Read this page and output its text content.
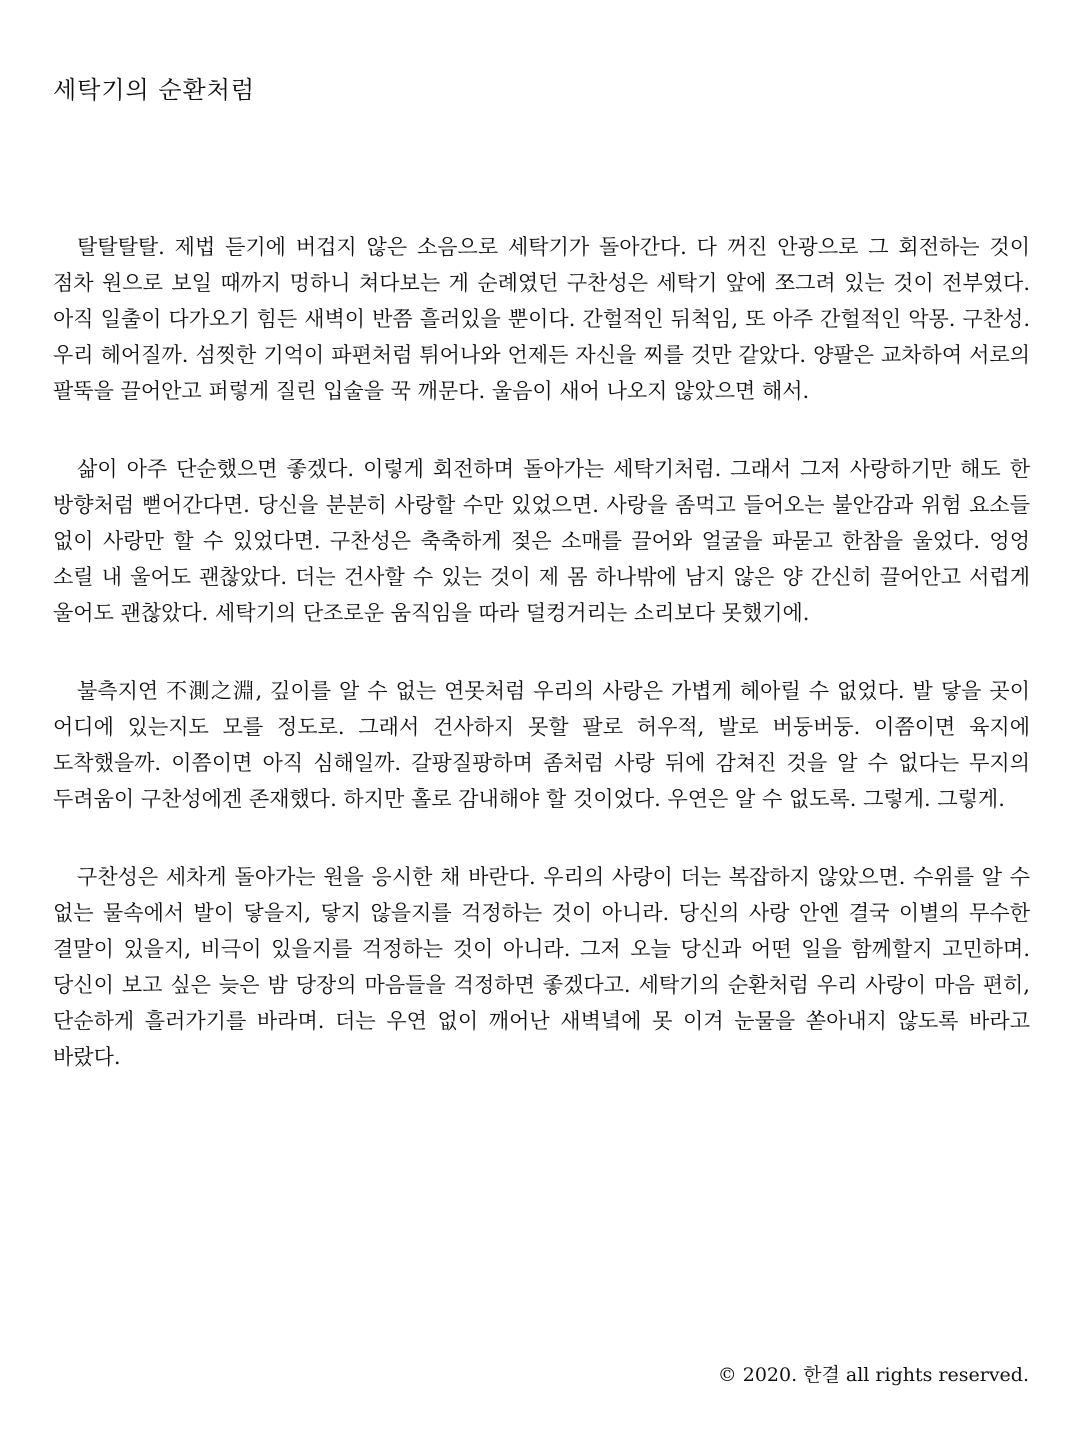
세탁기의 순환처럼

탈탈탈탈. 제법 듣기에 버겁지 않은 소음으로 세탁기가 돌아간다. 다 꺼진 안광으로 그 회전하는 것이 점차 원으로 보일 때까지 멍하니 쳐다보는 게 순례였던 구찬성은 세탁기 앞에 쪼그려 있는 것이 전부였다. 아직 일출이 다가오기 힘든 새벽이 반쯤 흘러있을 뿐이다. 간헐적인 뒤척임, 또 아주 간헐적인 악몽. 구찬성. 우리 헤어질까. 섬찟한 기억이 파편처럼 튀어나와 언제든 자신을 찌를 것만 같았다. 양팔은 교차하여 서로의 팔뚝을 끌어안고 퍼렇게 질린 입술을 꾹 깨문다. 울음이 새어 나오지 않았으면 해서.

삶이 아주 단순했으면 좋겠다. 이렇게 회전하며 돌아가는 세탁기처럼. 그래서 그저 사랑하기만 해도 한 방향처럼 뻗어간다면. 당신을 분분히 사랑할 수만 있었으면. 사랑을 좀먹고 들어오는 불안감과 위험 요소들 없이 사랑만 할 수 있었다면. 구찬성은 축축하게 젖은 소매를 끌어와 얼굴을 파묻고 한참을 울었다. 엉엉 소릴 내 울어도 괜찮았다. 더는 건사할 수 있는 것이 제 몸 하나밖에 남지 않은 양 간신히 끌어안고 서럽게 울어도 괜찮았다. 세탁기의 단조로운 움직임을 따라 덜컹거리는 소리보다 못했기에.

불측지연 不測之淵, 깊이를 알 수 없는 연못처럼 우리의 사랑은 가볍게 헤아릴 수 없었다. 발 닿을 곳이 어디에 있는지도 모를 정도로. 그래서 건사하지 못할 팔로 허우적, 발로 버둥버둥. 이쯤이면 육지에 도착했을까. 이쯤이면 아직 심해일까. 갈팡질팡하며 좀처럼 사랑 뒤에 감쳐진 것을 알 수 없다는 무지의 두려움이 구찬성에겐 존재했다. 하지만 홀로 감내해야 할 것이었다. 우연은 알 수 없도록. 그렇게. 그렇게.

구찬성은 세차게 돌아가는 원을 응시한 채 바란다. 우리의 사랑이 더는 복잡하지 않았으면. 수위를 알 수 없는 물속에서 발이 닿을지, 닿지 않을지를 걱정하는 것이 아니라. 당신의 사랑 안엔 결국 이별의 무수한 결말이 있을지, 비극이 있을지를 걱정하는 것이 아니라. 그저 오늘 당신과 어떤 일을 함께할지 고민하며. 당신이 보고 싶은 늦은 밤 당장의 마음들을 걱정하면 좋겠다고. 세탁기의 순환처럼 우리 사랑이 마음 편히, 단순하게 흘러가기를 바라며. 더는 우연 없이 깨어난 새벽녘에 못 이겨 눈물을 쏟아내지 않도록 바라고 바랐다.

© 2020. 한결 all rights reserved.
